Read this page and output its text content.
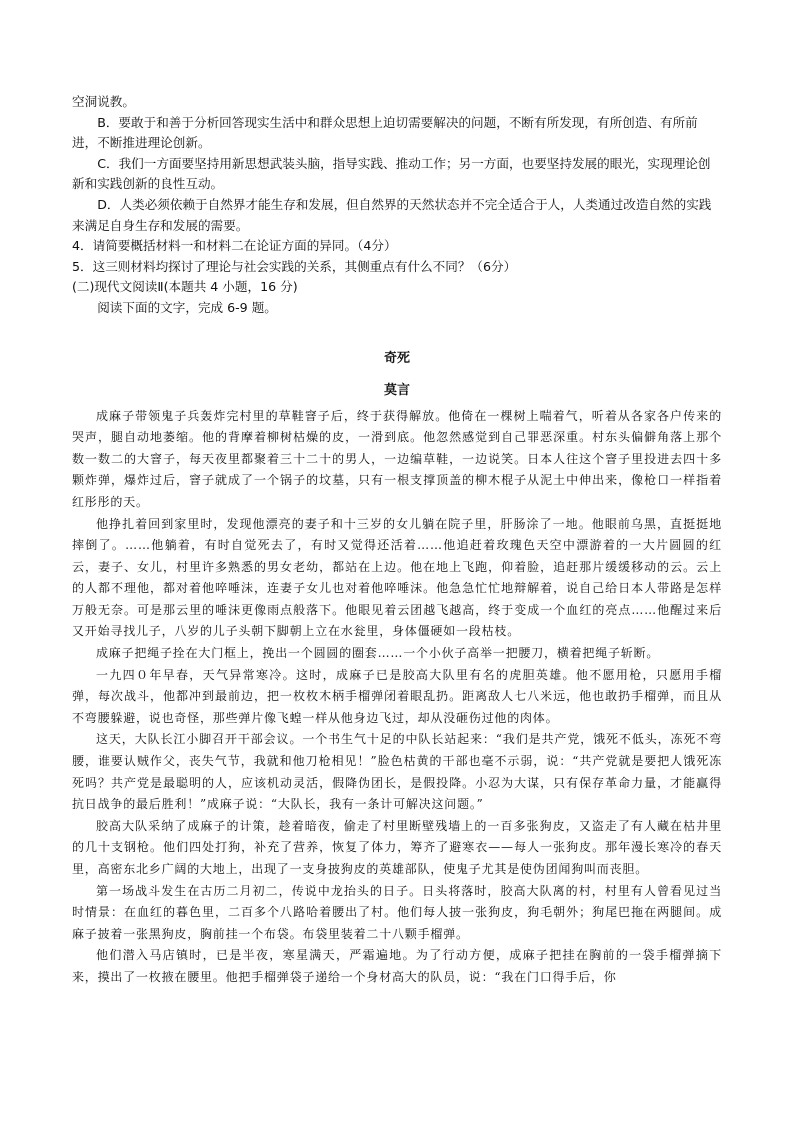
空洞说教。

B．要敢于和善于分析回答现实生活中和群众思想上迫切需要解决的问题，不断有所发现，有所创造、有所前进，不断推进理论创新。

C．我们一方面要坚持用新思想武装头脑，指导实践、推动工作；另一方面，也要坚持发展的眼光，实现理论创新和实践创新的良性互动。

D．人类必须依赖于自然界才能生存和发展，但自然界的天然状态并不完全适合于人，人类通过改造自然的实践来满足自身生存和发展的需要。

4．请简要概括材料一和材料二在论证方面的异同。（4分）

5．这三则材料均探讨了理论与社会实践的关系，其侧重点有什么不同？（6分）

(二)现代文阅读Ⅱ(本题共 4 小题，16 分)

阅读下面的文字，完成 6-9 题。

奇死
莫言

成麻子带领鬼子兵轰炸完村里的草鞋窨子后，终于获得解放。他倚在一棵树上喘着气，听着从各家各户传来的哭声，腿自动地萎缩。他的背摩着柳树枯燥的皮，一滑到底。他忽然感觉到自己罪恶深重。村东头偏僻角落上那个数一数二的大窨子，每天夜里都聚着三十二十的男人，一边编草鞋，一边说笑。日本人往这个窨子里投进去四十多颗炸弹，爆炸过后，窨子就成了一个锅子的坟墓，只有一根支撑顶盖的柳木棍子从泥土中伸出来，像枪口一样指着红彤彤的天。

他挣扎着回到家里时，发现他漂亮的妻子和十三岁的女儿躺在院子里，肝肠涂了一地。他眼前乌黑，直挺挺地摔倒了。……他躺着，有时自觉死去了，有时又觉得还活着……他追赶着玫瑰色天空中漂游着的一大片圆圆的红云，妻子、女儿，村里许多熟悉的男女老幼，都站在上边。他在地上飞跑，仰着脸，追赶那片缓缓移动的云。云上的人都不理他，都对着他啐唾沫，连妻子女儿也对着他啐唾沫。他急急忙忙地辩解着，说自己给日本人带路是怎样万般无奈。可是那云里的唾沫更像雨点般落下。他眼见着云团越飞越高，终于变成一个血红的亮点……他醒过来后又开始寻找儿子，八岁的儿子头朝下脚朝上立在水瓮里，身体僵硬如一段枯枝。

成麻子把绳子拴在大门框上，挽出一个圆圆的圈套……一个小伙子高举一把腰刀，横着把绳子斩断。

一九四０年早春，天气异常寒冷。这时，成麻子已是胶高大队里有名的虎胆英雄。他不愿用枪，只愿用手榴弹，每次战斗，他都冲到最前边，把一枚枚木柄手榴弹闭着眼乱扔。距离敌人七八米远，他也敢扔手榴弹，而且从不弯腰躲避，说也奇怪，那些弹片像飞蝗一样从他身边飞过，却从没砸伤过他的肉体。

这天，大队长江小脚召开干部会议。一个书生气十足的中队长站起来：“我们是共产党，饿死不低头，冻死不弯腰，谁要认贼作父，丧失气节，我就和他刀枪相见！”脸色枯黄的干部也毫不示弱，说：“共产党就是要把人饿死冻死吗？共产党是最聪明的人，应该机动灵活，假降伪团长，是假投降。小忍为大谋，只有保存革命力量，才能赢得抗日战争的最后胜利！”成麻子说：“大队长，我有一条计可解决这问题。”

胶高大队采纳了成麻子的计策，趁着暗夜，偷走了村里断壁残墙上的一百多张狗皮，又盗走了有人藏在枯井里的几十支钢枪。他们四处打狗，补充了营养，恢复了体力，筹齐了避寒衣——每人一张狗皮。那年漫长寒冷的春天里，高密东北乡广阔的大地上，出现了一支身披狗皮的英雄部队，使鬼子尤其是使伪团闻狗叫而丧胆。

第一场战斗发生在古历二月初二，传说中龙抬头的日子。日头将落时，胶高大队离的村，村里有人曾看见过当时情景：在血红的暮色里，二百多个八路哈着腰出了村。他们每人披一张狗皮，狗毛朝外；狗尾巴拖在两腿间。成麻子披着一张黑狗皮，胸前挂一个布袋。布袋里装着二十八颗手榴弹。

他们潜入马店镇时，已是半夜，寒星满天，严霜遍地。为了行动方便，成麻子把挂在胸前的一袋手榴弹摘下来，摸出了一枚掖在腰里。他把手榴弹袋子递给一个身材高大的队员，说：“我在门口得手后，你
